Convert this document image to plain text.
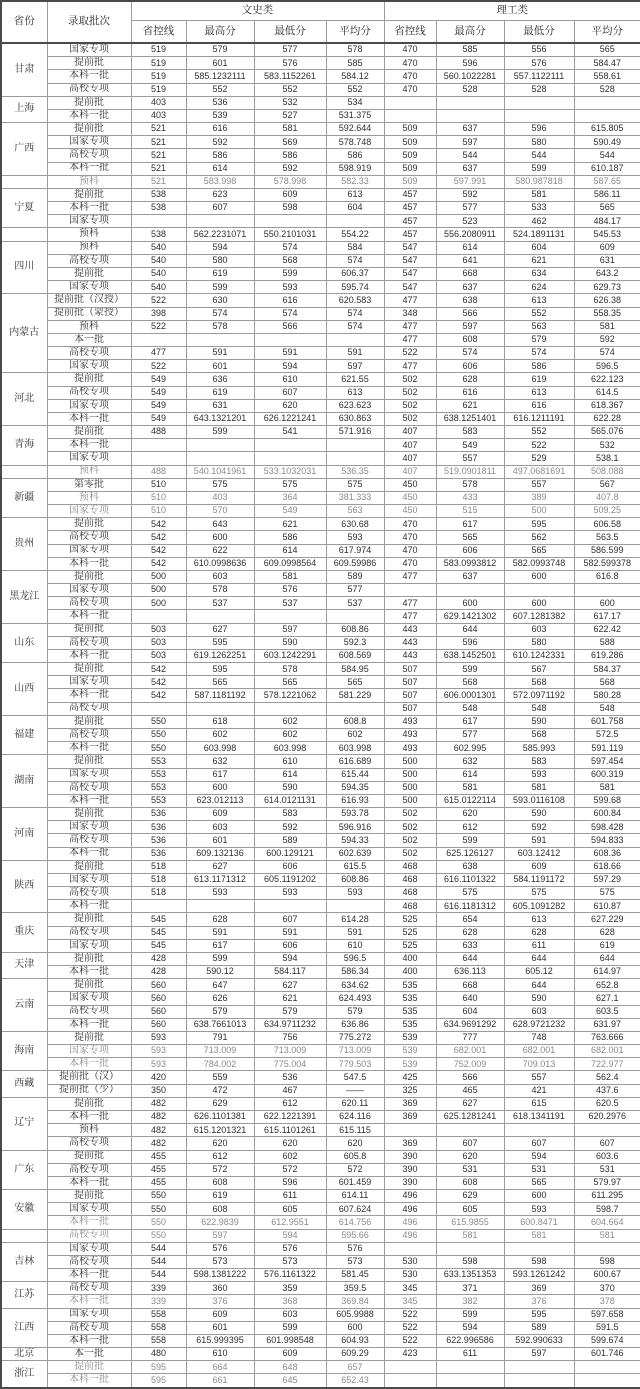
省份	录取批次	文史类				理工类			
		省控线	最高分	最低分	平均分	省控线	最高分	最低分	平均分
甘肃	国家专项	519	579	577	578	470	585	556	565
	提前批	519	601	576	585	470	596	576	584.47
	本科一批	519	585.1232111	583.1152261	584.12	470	560.1022281	557.1122111	558.61
	高校专项	519	552	552	552	470	528	528	528
上海	提前批	403	536	532	534				
	本科一批	403	539	527	531.375				
广西	提前批	521	616	581	592.644	509	637	596	615.805
	国家专项	521	592	569	578.748	509	597	580	590.49
	高校专项	521	586	586	586	509	544	544	544
	本科一批	521	614	592	598.919	509	637	599	610.187
	预科	521	583.998	578.998	582.33	509	597.991	580.987818	587.65
宁夏	提前批	538	623	609	613	457	592	581	586.11
	本科一批	538	607	598	604	457	577	533	565
	国家专项					457	523	462	484.17
	预科	538	562.2231071	550.2101031	554.22	457	556.2080911	524.1891131	545.53
四川	预科	540	594	574	584	547	614	604	609
	高校专项	540	580	568	574	547	641	621	631
	提前批	540	619	599	606.37	547	668	634	643.2
	国家专项	540	599	593	595.74	547	637	624	629.73
内蒙古	提前批（汉授）	522	630	616	620.583	477	638	613	626.38
	提前批（蒙授）	398	574	574	574	348	566	552	558.35
	预科	522	578	566	574	477	597	563	581
	本一批					477	608	579	592
	高校专项	477	591	591	591	522	574	574	574
	国家专项	522	601	594	597	477	606	586	596.5
河北	提前批	549	636	610	621.55	502	628	619	622.123
	高校专项	549	619	607	613	502	616	613	614.5
	国家专项	549	631	620	623.623	502	621	616	618.367
	本科一批	549	643.1321201	626.1221241	630.863	502	638.1251401	616.1211191	622.28
青海	提前批	488	599	541	571.916	407	583	552	565.076
	本科一批					407	549	522	532
	国家专项					407	557	529	538.1
	预科	488	540.1041961	533.1032031	536.35	407	519.0901811	497.0681691	508.088
新疆	第零批	510	575	575	575	450	578	557	567
	预科	510	403	364	381.333	450	433	389	407.8
	国家专项	510	570	549	563	450	515	500	509.25
贵州	提前批	542	643	621	630.68	470	617	595	606.58
	高校专项	542	600	586	593	470	565	562	563.5
	国家专项	542	622	614	617.974	470	606	565	586.599
	本科一批	542	610.0998636	609.0998564	609.59986	470	583.0993812	582.0993748	582.599378
黑龙江	提前批	500	603	581	589	477	637	600	616.8
	国家专项	500	578	576	577				
	高校专项	500	537	537	537	477	600	600	600
	本科一批					477	629.1421302	607.1281382	617.17
山东	提前批	503	627	597	608.86	443	644	603	622.42
	高校专项	503	595	590	592.3	443	596	580	588
	本科一批	503	619.1262251	603.1242291	608.569	443	638.1452501	610.1242331	619.286
山西	提前批	542	595	578	584.95	507	599	567	584.37
	国家专项	542	565	565	565	507	568	568	568
	本科一批	542	587.1181192	578.1221062	581.229	507	606.0001301	572.0971192	580.28
	高校专项					507	548	548	548
福建	提前批	550	618	602	608.8	493	617	590	601.758
	高校专项	550	602	602	602	493	577	568	572.5
	本科一批	550	603.998	603.998	603.998	493	602.995	585.993	591.119
湖南	提前批	553	632	610	616.689	500	632	583	597.454
	国家专项	553	617	614	615.44	500	614	593	600.319
	高校专项	553	600	590	594.35	500	581	581	581
	本科一批	553	623.012113	614.0121131	616.93	500	615.0122114	593.0116108	599.68
河南	提前批	536	609	583	593.78	502	620	590	600.84
	国家专项	536	603	592	596.916	502	612	592	598.428
	高校专项	536	601	589	594.33	502	599	591	594.833
	本科一批	536	609.132136	600.129121	602.639	502	625.126127	603.12412	608.36
陕西	提前批	518	627	606	615.5	468	638	609	618.66
	国家专项	518	613.1171312	605.1191202	608.86	468	616.1101322	584.1191172	597.29
	高校专项	518	593	593	593	468	575	575	575
	本科一批					468	616.1181312	605.1091282	610.87
重庆	提前批	545	628	607	614.28	525	654	613	627.229
	高校专项	545	591	591	591	525	628	628	628
	国家专项	545	617	606	610	525	633	611	619
天津	提前批	428	599	594	596.5	400	644	644	644
	本科一批	428	590.12	584.117	586.34	400	636.113	605.12	614.97
云南	提前批	560	647	627	634.62	535	668	644	652.8
	国家专项	560	626	621	624.493	535	640	590	627.1
	高校专项	560	579	579	579	535	604	603	603.5
	本科一批	560	638.7661013	634.9711232	636.86	535	634.9691292	628.9721232	631.97
海南	提前批	593	791	756	775.272	539	777	748	763.666
	国家专项	593	713.009	713.009	713.009	539	682.001	682.001	682.001
	本科一批	593	784.002	775.004	779.503	539	752.009	709.013	722.977
西藏	提前批（汉）	420	559	536	547.5	425	566	557	562.4
	提前批（少）	350	472	467	——	325	465	421	437.6
辽宁	提前批	482	629	612	620.11	369	627	615	620.5
	本科一批	482	626.1101381	622.1221391	624.116	369	625.1281241	618.1341191	620.2976
	预科	482	615.1201321	615.1101261	615.115				
	高校专项	482	620	620	620	369	607	607	607
广东	提前批	455	612	602	605.8	390	620	594	603.6
	高校专项	455	572	572	572	390	531	531	531
	本科一批	455	608	596	601.459	390	608	565	579.97
安徽	提前批	550	619	611	614.11	496	629	600	611.295
	国家专项	550	608	605	607.624	496	605	593	598.7
	本科一批	550	622.9839	612.9551	614.756	496	615.9855	600.8471	604.664
	高校专项	550	597	594	595.66	496	581	581	581
吉林	国家专项	544	576	576	576				
	高校专项	544	573	573	573	530	598	598	598
	本科一批	544	598.1381222	576.1161322	581.45	530	633.1351353	593.1261242	600.67
江苏	高校专项	339	360	359	359.5	345	371	369	370
	本科一批	339	376	368	369.84	345	382	376	378
江西	国家专项	558	609	603	605.9988	522	599	595	597.658
	高校专项	558	601	599	600	522	594	589	591.5
	本科一批	558	615.999395	601.998548	604.93	522	622.996586	592.990633	599.674
北京	本一批	480	610	609	609.29	423	611	597	601.746
浙江	提前批	595	664	648	657				
	本科一批	595	661	645	652.43				
